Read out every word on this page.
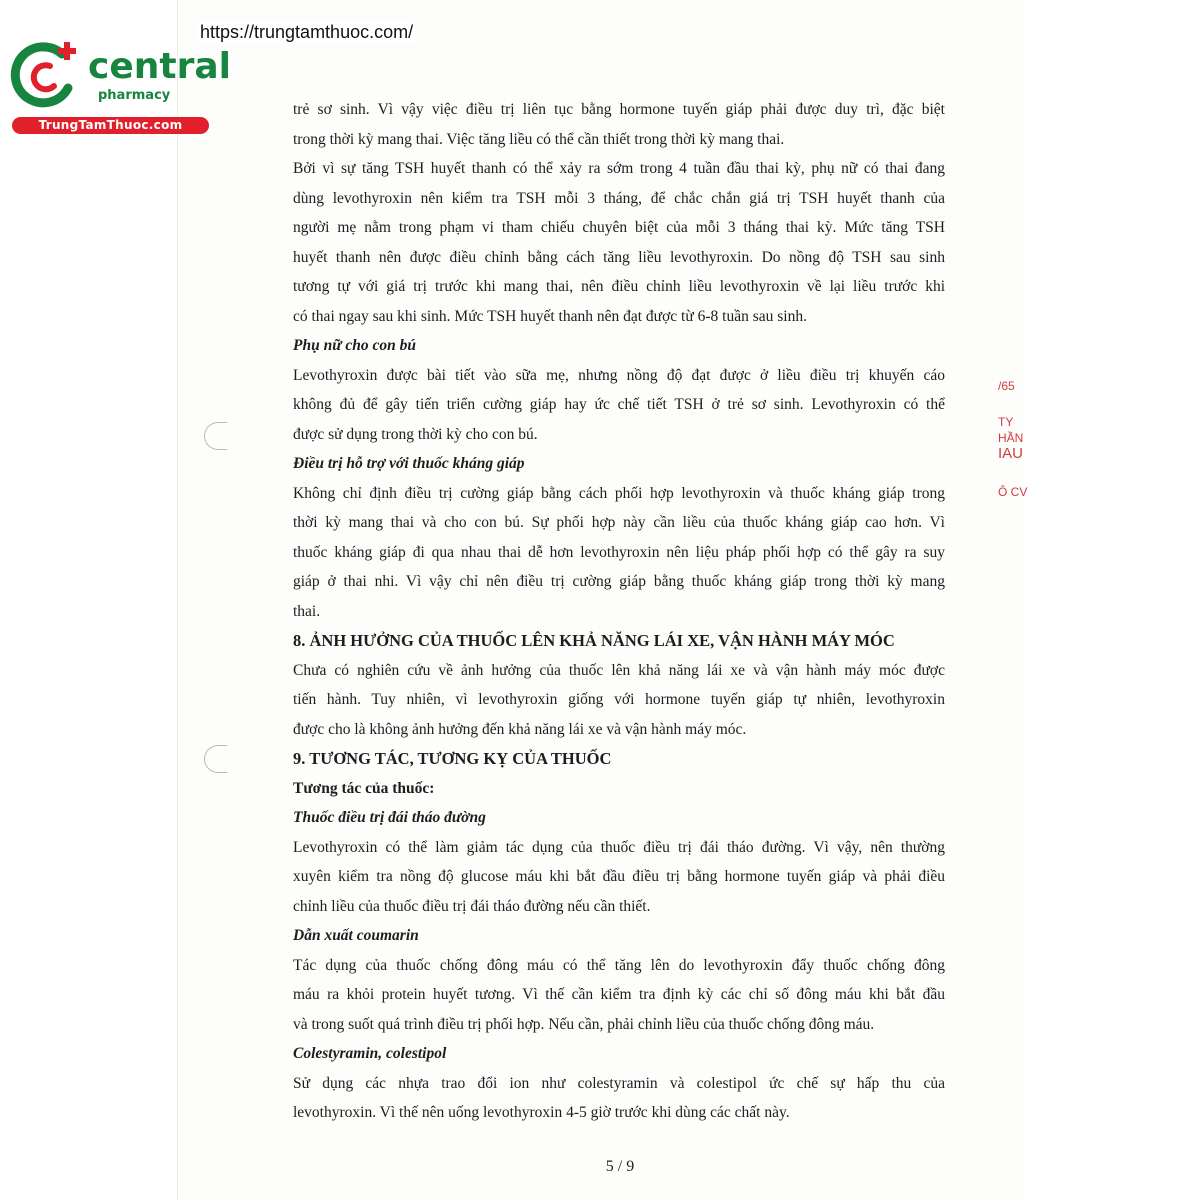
https://trungtamthuoc.com/
central
pharmacy
TrungTamThuoc.com
/65
TY
HẦN
IAU
Ô CV
trẻ sơ sinh. Vì vậy việc điều trị liên tục bằng hormone tuyến giáp phải được duy trì, đặc biệt
trong thời kỳ mang thai. Việc tăng liều có thể cần thiết trong thời kỳ mang thai.
Bởi vì sự tăng TSH huyết thanh có thể xảy ra sớm trong 4 tuần đầu thai kỳ, phụ nữ có thai đang
dùng levothyroxin nên kiểm tra TSH mỗi 3 tháng, để chắc chắn giá trị TSH huyết thanh của
người mẹ nằm trong phạm vi tham chiếu chuyên biệt của mỗi 3 tháng thai kỳ. Mức tăng TSH
huyết thanh nên được điều chỉnh bằng cách tăng liều levothyroxin. Do nồng độ TSH sau sinh
tương tự với giá trị trước khi mang thai, nên điều chỉnh liều levothyroxin về lại liều trước khi
có thai ngay sau khi sinh. Mức TSH huyết thanh nên đạt được từ 6-8 tuần sau sinh.
Phụ nữ cho con bú
Levothyroxin được bài tiết vào sữa mẹ, nhưng nồng độ đạt được ở liều điều trị khuyến cáo
không đủ để gây tiến triển cường giáp hay ức chế tiết TSH ở trẻ sơ sinh. Levothyroxin có thể
được sử dụng trong thời kỳ cho con bú.
Điều trị hỗ trợ với thuốc kháng giáp
Không chỉ định điều trị cường giáp bằng cách phối hợp levothyroxin và thuốc kháng giáp trong
thời kỳ mang thai và cho con bú. Sự phối hợp này cần liều của thuốc kháng giáp cao hơn. Vì
thuốc kháng giáp đi qua nhau thai dễ hơn levothyroxin nên liệu pháp phối hợp có thể gây ra suy
giáp ở thai nhi. Vì vậy chỉ nên điều trị cường giáp bằng thuốc kháng giáp trong thời kỳ mang
thai.
8. ẢNH HƯỞNG CỦA THUỐC LÊN KHẢ NĂNG LÁI XE, VẬN HÀNH MÁY MÓC
Chưa có nghiên cứu về ảnh hưởng của thuốc lên khả năng lái xe và vận hành máy móc được
tiến hành. Tuy nhiên, vì levothyroxin giống với hormone tuyến giáp tự nhiên, levothyroxin
được cho là không ảnh hưởng đến khả năng lái xe và vận hành máy móc.
9. TƯƠNG TÁC, TƯƠNG KỴ CỦA THUỐC
Tương tác của thuốc:
Thuốc điều trị đái tháo đường
Levothyroxin có thể làm giảm tác dụng của thuốc điều trị đái tháo đường. Vì vậy, nên thường
xuyên kiểm tra nồng độ glucose máu khi bắt đầu điều trị bằng hormone tuyến giáp và phải điều
chỉnh liều của thuốc điều trị đái tháo đường nếu cần thiết.
Dẫn xuất coumarin
Tác dụng của thuốc chống đông máu có thể tăng lên do levothyroxin đẩy thuốc chống đông
máu ra khỏi protein huyết tương. Vì thế cần kiểm tra định kỳ các chỉ số đông máu khi bắt đầu
và trong suốt quá trình điều trị phối hợp. Nếu cần, phải chỉnh liều của thuốc chống đông máu.
Colestyramin, colestipol
Sử dụng các nhựa trao đổi ion như colestyramin và colestipol ức chế sự hấp thu của
levothyroxin. Vì thế nên uống levothyroxin 4-5 giờ trước khi dùng các chất này.
5 / 9
